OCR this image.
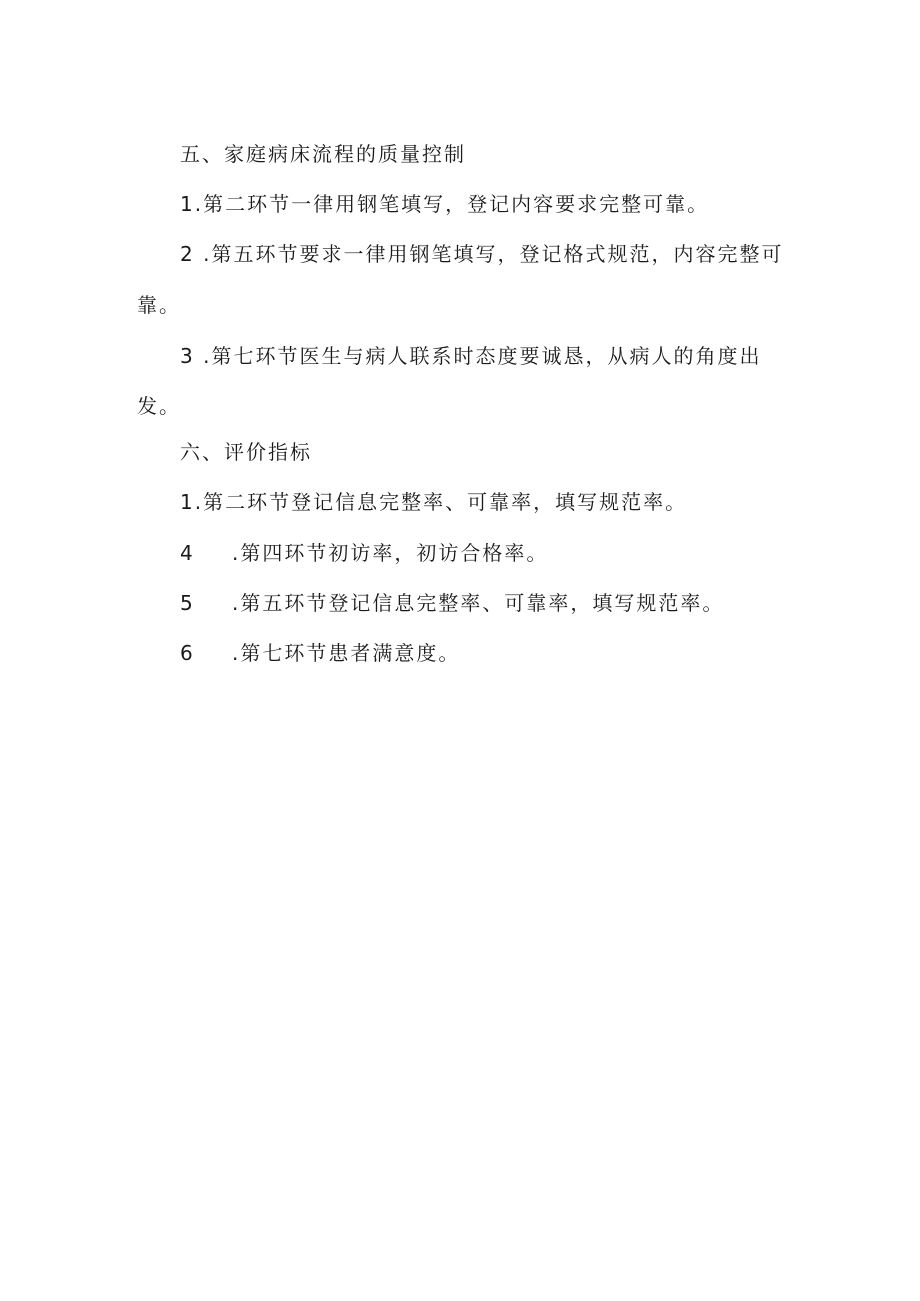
五、家庭病床流程的质量控制
1.第二环节一律用钢笔填写，登记内容要求完整可靠。
2 .第五环节要求一律用钢笔填写，登记格式规范，内容完整可
靠。
3 .第七环节医生与病人联系时态度要诚恳，从病人的角度出
发。
六、评价指标
1.第二环节登记信息完整率、可靠率，填写规范率。
4 .第四环节初访率，初访合格率。
5 .第五环节登记信息完整率、可靠率，填写规范率。
6 .第七环节患者满意度。
